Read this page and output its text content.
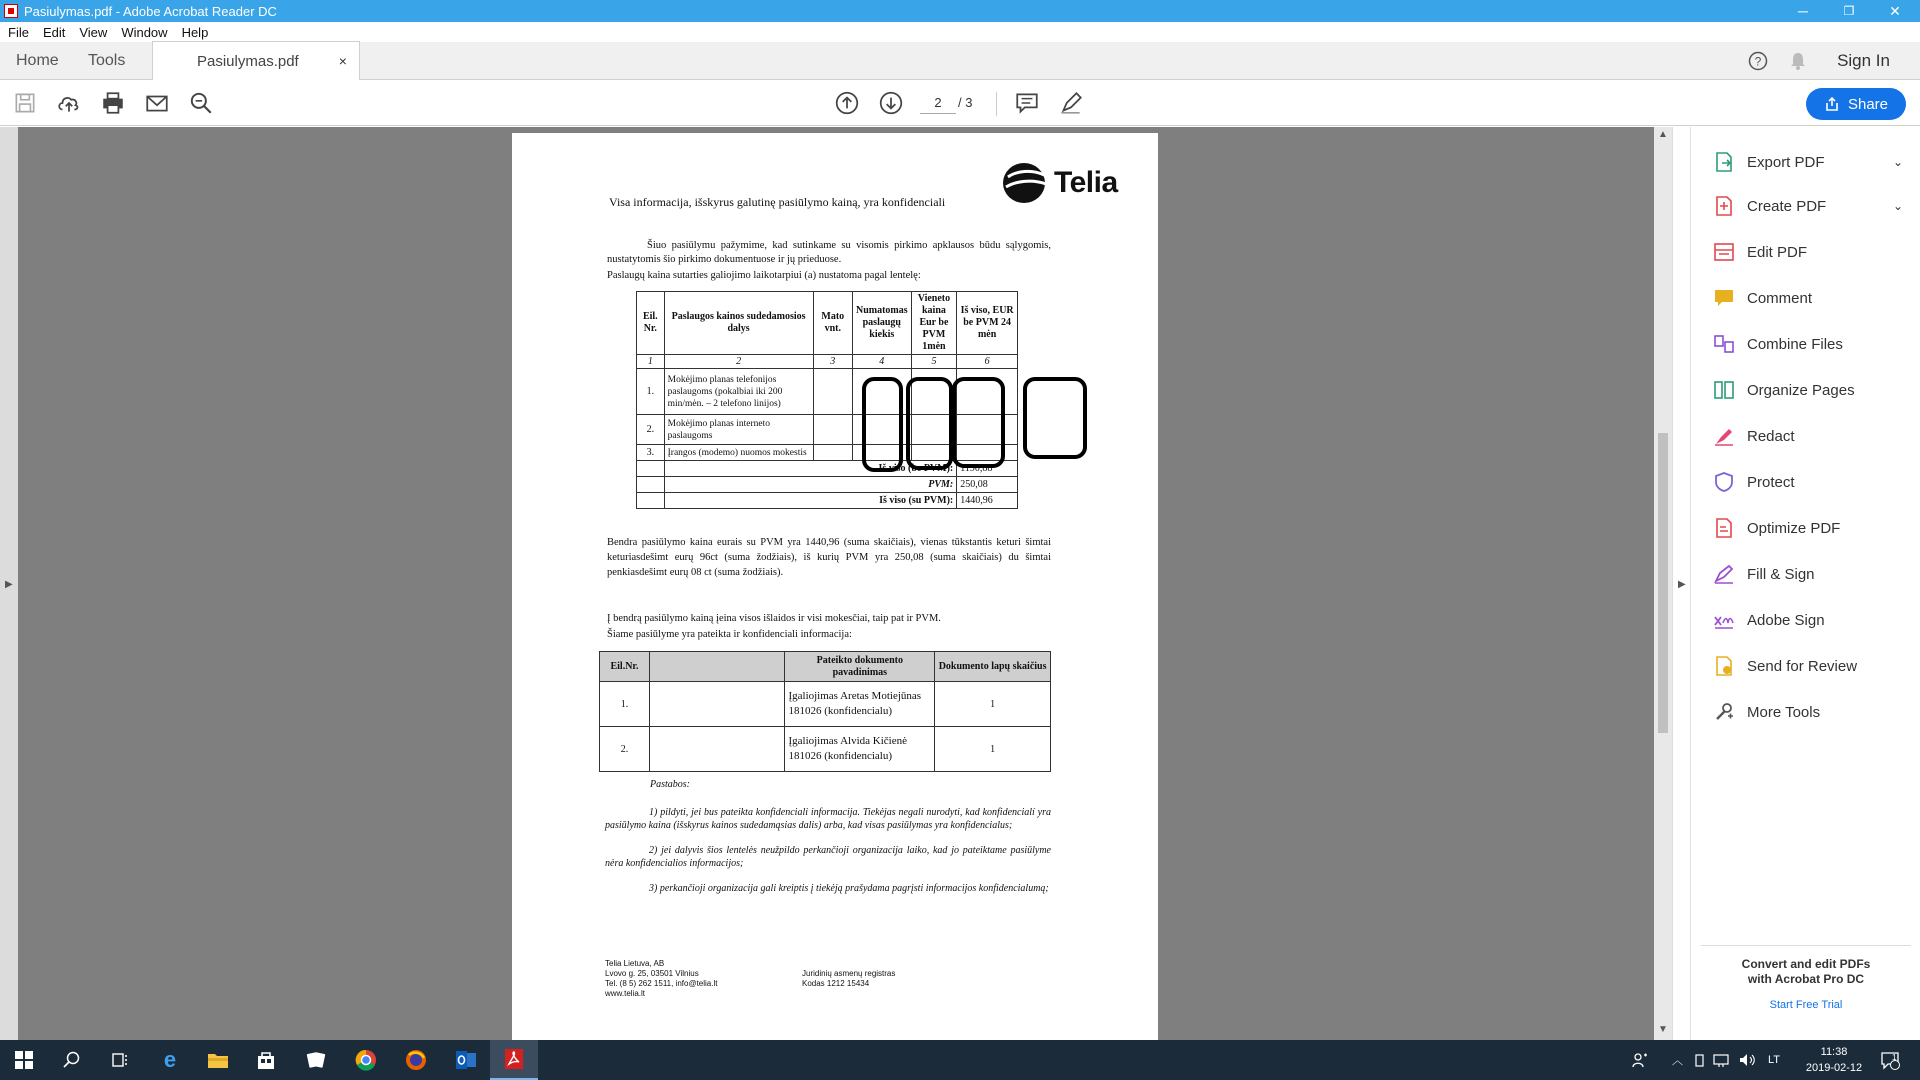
Pasiulymas.pdf - Adobe Acrobat Reader DC	─	❐	✕
File Edit View Window Help
Home Tools	Pasiulymas.pdf	×	?	Sign In
2	/ 3	Share
▶
Telia
Visa informacija, išskyrus galutinę pasiūlymo kainą, yra konfidenciali
Šiuo pasiūlymu pažymime, kad sutinkame su visomis pirkimo apklausos būdu sąlygomis, nustatytomis šio pirkimo dokumentuose ir jų prieduose.
Paslaugų kaina sutarties galiojimo laikotarpiui (a) nustatoma pagal lentelę:
Eil. Nr.	Paslaugos kainos sudedamosios dalys	Mato vnt.	Numatomas paslaugų kiekis	Vieneto kaina Eur be PVM 1mėn	Iš viso, EUR be PVM 24 mėn
1	2	3	4	5	6
1.	Mokėjimo planas telefonijos paslaugoms (pokalbiai iki 200 min/mėn. – 2 telefono linijos)				
2.	Mokėjimo planas interneto paslaugoms				
3.	Įrangos (modemo) nuomos mokestis				
	Iš viso (be PVM):				1190,88
	PVM:				250,08
	Iš viso (su PVM):				1440,96
Bendra pasiūlymo kaina eurais su PVM yra 1440,96 (suma skaičiais), vienas tūkstantis keturi šimtai keturiasdešimt eurų 96ct (suma žodžiais), iš kurių PVM yra 250,08 (suma skaičiais) du šimtai penkiasdešimt eurų 08 ct (suma žodžiais).
Į bendrą pasiūlymo kainą įeina visos išlaidos ir visi mokesčiai, taip pat ir PVM.
Šiame pasiūlyme yra pateikta ir konfidenciali informacija:
Eil.Nr.		Pateikto dokumento pavadinimas	Dokumento lapų skaičius
1.		Įgaliojimas Aretas Motiejūnas 181026 (konfidencialu)	1
2.		Įgaliojimas Alvida Kičienė 181026 (konfidencialu)	1
Pastabos:
1) pildyti, jei bus pateikta konfidenciali informacija. Tiekėjas negali nurodyti, kad konfidencialí yra pasiūlymo kaina (išskyrus kainos sudedamąsias dalis) arba, kad visas pasiūlymas yra konfidencialus;
2) jei dalyvis šios lentelės neužpildo perkančioji organizacija laiko, kad jo pateiktame pasiūlyme nėra konfidencialios informacijos;
3) perkančioji organizacija gali kreiptis į tiekėją prašydama pagrįsti informacijos konfidencialumą;
Telia Lietuva, AB
Lvovo g. 25, 03501 Vilnius
Tel. (8 5) 262 1511, info@telia.lt
www.telia.lt
Juridinių asmenų registras
Kodas 1212 15434
▲
▼
▶
Export PDF	⌄
Create PDF	⌄
Edit PDF
Comment
Combine Files
Organize Pages
Redact
Protect
Optimize PDF
Fill & Sign
Adobe Sign
Send for Review
More Tools
Convert and edit PDFs
with Acrobat Pro DC
Start Free Trial
e	︿	LT
11:38
2019-02-12
1
